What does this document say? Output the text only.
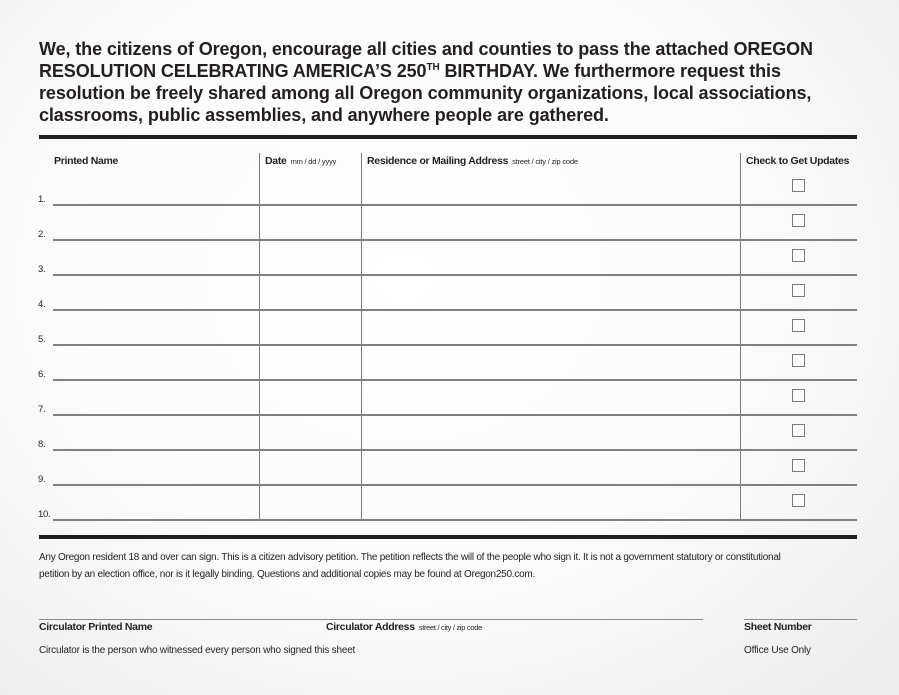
We, the citizens of Oregon, encourage all cities and counties to pass the attached OREGON
RESOLUTION CELEBRATING AMERICA’S 250TH BIRTHDAY. We furthermore request this
resolution be freely shared among all Oregon community organizations, local associations,
classrooms, public assemblies, and anywhere people are gathered.
Printed Name	Date mm / dd / yyyy	Residence or Mailing Address street / city / zip code	Check to Get Updates
1.
2.
3.
4.
5.
6.
7.
8.
9.
10.
Any Oregon resident 18 and over can sign. This is a citizen advisory petition. The petition reflects the will of the people who sign it. It is not a government statutory or constitutional
petition by an election office, nor is it legally binding. Questions and additional copies may be found at Oregon250.com.
Circulator Printed Name	Circulator Address street / city / zip code
Circulator is the person who witnessed every person who signed this sheet
Sheet Number
Office Use Only
